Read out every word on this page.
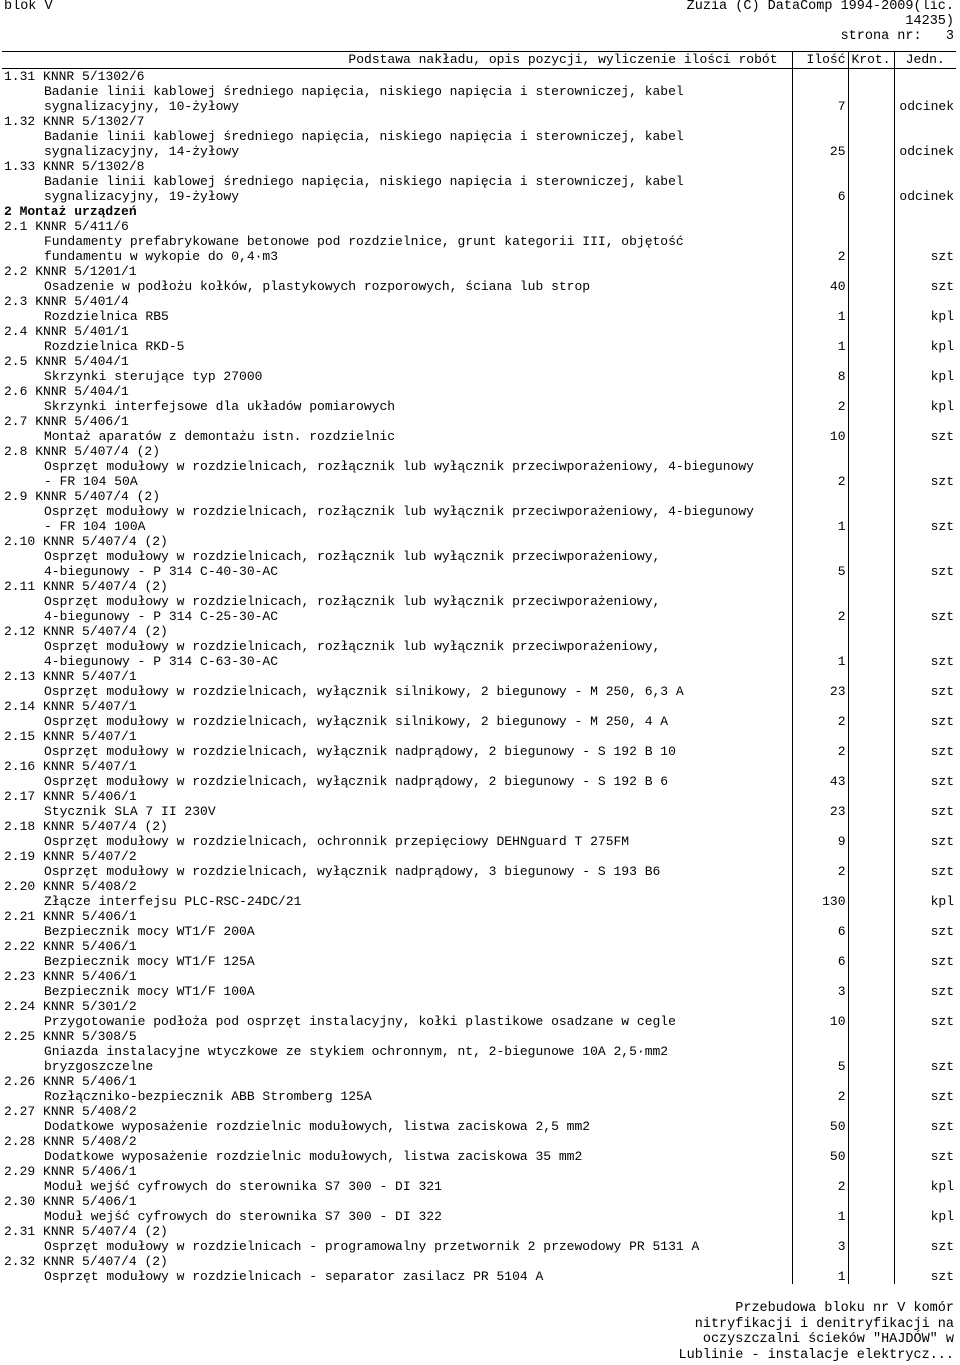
blok V	Zuzia (C) DataComp 1994-2009(lic.
14235)
strona nr:   3
Podstawa nakładu, opis pozycji, wyliczenie ilości robót	Ilość	Krot.	Jedn.
1.31 KNNR 5/1302/6			

Badanie linii kablowej średniego napięcia, niskiego napięcia i sterowniczej, kabel			

sygnalizacyjny, 10-żyłowy	7		odcinek
1.32 KNNR 5/1302/7			

Badanie linii kablowej średniego napięcia, niskiego napięcia i sterowniczej, kabel			

sygnalizacyjny, 14-żyłowy	25		odcinek
1.33 KNNR 5/1302/8			

Badanie linii kablowej średniego napięcia, niskiego napięcia i sterowniczej, kabel			

sygnalizacyjny, 19-żyłowy	6		odcinek
2 Montaż urządzeń			
2.1 KNNR 5/411/6			

Fundamenty prefabrykowane betonowe pod rozdzielnice, grunt kategorii III, objętość			

fundamentu w wykopie do 0,4·m3	2		szt
2.2 KNNR 5/1201/1			

Osadzenie w podłożu kołków, plastykowych rozporowych, ściana lub strop	40		szt
2.3 KNNR 5/401/4			

Rozdzielnica RB5	1		kpl
2.4 KNNR 5/401/1			

Rozdzielnica RKD-5	1		kpl
2.5 KNNR 5/404/1			

Skrzynki sterujące typ 27000	8		kpl
2.6 KNNR 5/404/1			

Skrzynki interfejsowe dla układów pomiarowych	2		kpl
2.7 KNNR 5/406/1			

Montaż aparatów z demontażu istn. rozdzielnic	10		szt
2.8 KNNR 5/407/4 (2)			

Osprzęt modułowy w rozdzielnicach, rozłącznik lub wyłącznik przeciwporażeniowy, 4-biegunowy			

- FR 104 50A	2		szt
2.9 KNNR 5/407/4 (2)			

Osprzęt modułowy w rozdzielnicach, rozłącznik lub wyłącznik przeciwporażeniowy, 4-biegunowy			

- FR 104 100A	1		szt
2.10 KNNR 5/407/4 (2)			

Osprzęt modułowy w rozdzielnicach, rozłącznik lub wyłącznik przeciwporażeniowy,			

4-biegunowy - P 314 C-40-30-AC	5		szt
2.11 KNNR 5/407/4 (2)			

Osprzęt modułowy w rozdzielnicach, rozłącznik lub wyłącznik przeciwporażeniowy,			

4-biegunowy - P 314 C-25-30-AC	2		szt
2.12 KNNR 5/407/4 (2)			

Osprzęt modułowy w rozdzielnicach, rozłącznik lub wyłącznik przeciwporażeniowy,			

4-biegunowy - P 314 C-63-30-AC	1		szt
2.13 KNNR 5/407/1			

Osprzęt modułowy w rozdzielnicach, wyłącznik silnikowy, 2 biegunowy - M 250, 6,3 A	23		szt
2.14 KNNR 5/407/1			

Osprzęt modułowy w rozdzielnicach, wyłącznik silnikowy, 2 biegunowy - M 250, 4 A	2		szt
2.15 KNNR 5/407/1			

Osprzęt modułowy w rozdzielnicach, wyłącznik nadprądowy, 2 biegunowy - S 192 B 10	2		szt
2.16 KNNR 5/407/1			

Osprzęt modułowy w rozdzielnicach, wyłącznik nadprądowy, 2 biegunowy - S 192 B 6	43		szt
2.17 KNNR 5/406/1			

Stycznik SLA 7 II 230V	23		szt
2.18 KNNR 5/407/4 (2)			

Osprzęt modułowy w rozdzielnicach, ochronnik przepięciowy DEHNguard T 275FM	9		szt
2.19 KNNR 5/407/2			

Osprzęt modułowy w rozdzielnicach, wyłącznik nadprądowy, 3 biegunowy - S 193 B6	2		szt
2.20 KNNR 5/408/2			

Złącze interfejsu PLC-RSC-24DC/21	130		kpl
2.21 KNNR 5/406/1			

Bezpiecznik mocy WT1/F 200A	6		szt
2.22 KNNR 5/406/1			

Bezpiecznik mocy WT1/F 125A	6		szt
2.23 KNNR 5/406/1			

Bezpiecznik mocy WT1/F 100A	3		szt
2.24 KNNR 5/301/2			

Przygotowanie podłoża pod osprzęt instalacyjny, kołki plastikowe osadzane w cegle	10		szt
2.25 KNNR 5/308/5			

Gniazda instalacyjne wtyczkowe ze stykiem ochronnym, nt, 2-biegunowe 10A 2,5·mm2			

bryzgoszczelne	5		szt
2.26 KNNR 5/406/1			

Rozłączniko-bezpiecznik ABB Stromberg 125A	2		szt
2.27 KNNR 5/408/2			

Dodatkowe wyposażenie rozdzielnic modułowych, listwa zaciskowa 2,5 mm2	50		szt
2.28 KNNR 5/408/2			

Dodatkowe wyposażenie rozdzielnic modułowych, listwa zaciskowa 35 mm2	50		szt
2.29 KNNR 5/406/1			

Moduł wejść cyfrowych do sterownika S7 300 - DI 321	2		kpl
2.30 KNNR 5/406/1			

Moduł wejść cyfrowych do sterownika S7 300 - DI 322	1		kpl
2.31 KNNR 5/407/4 (2)			

Osprzęt modułowy w rozdzielnicach - programowalny przetwornik 2 przewodowy PR 5131 A	3		szt
2.32 KNNR 5/407/4 (2)			

Osprzęt modułowy w rozdzielnicach - separator zasilacz PR 5104 A	1		szt
Przebudowa bloku nr V komór
nitryfikacji i denitryfikacji na
oczyszczalni ścieków "HAJDÓW" w
Lublinie - instalacje elektrycz...
